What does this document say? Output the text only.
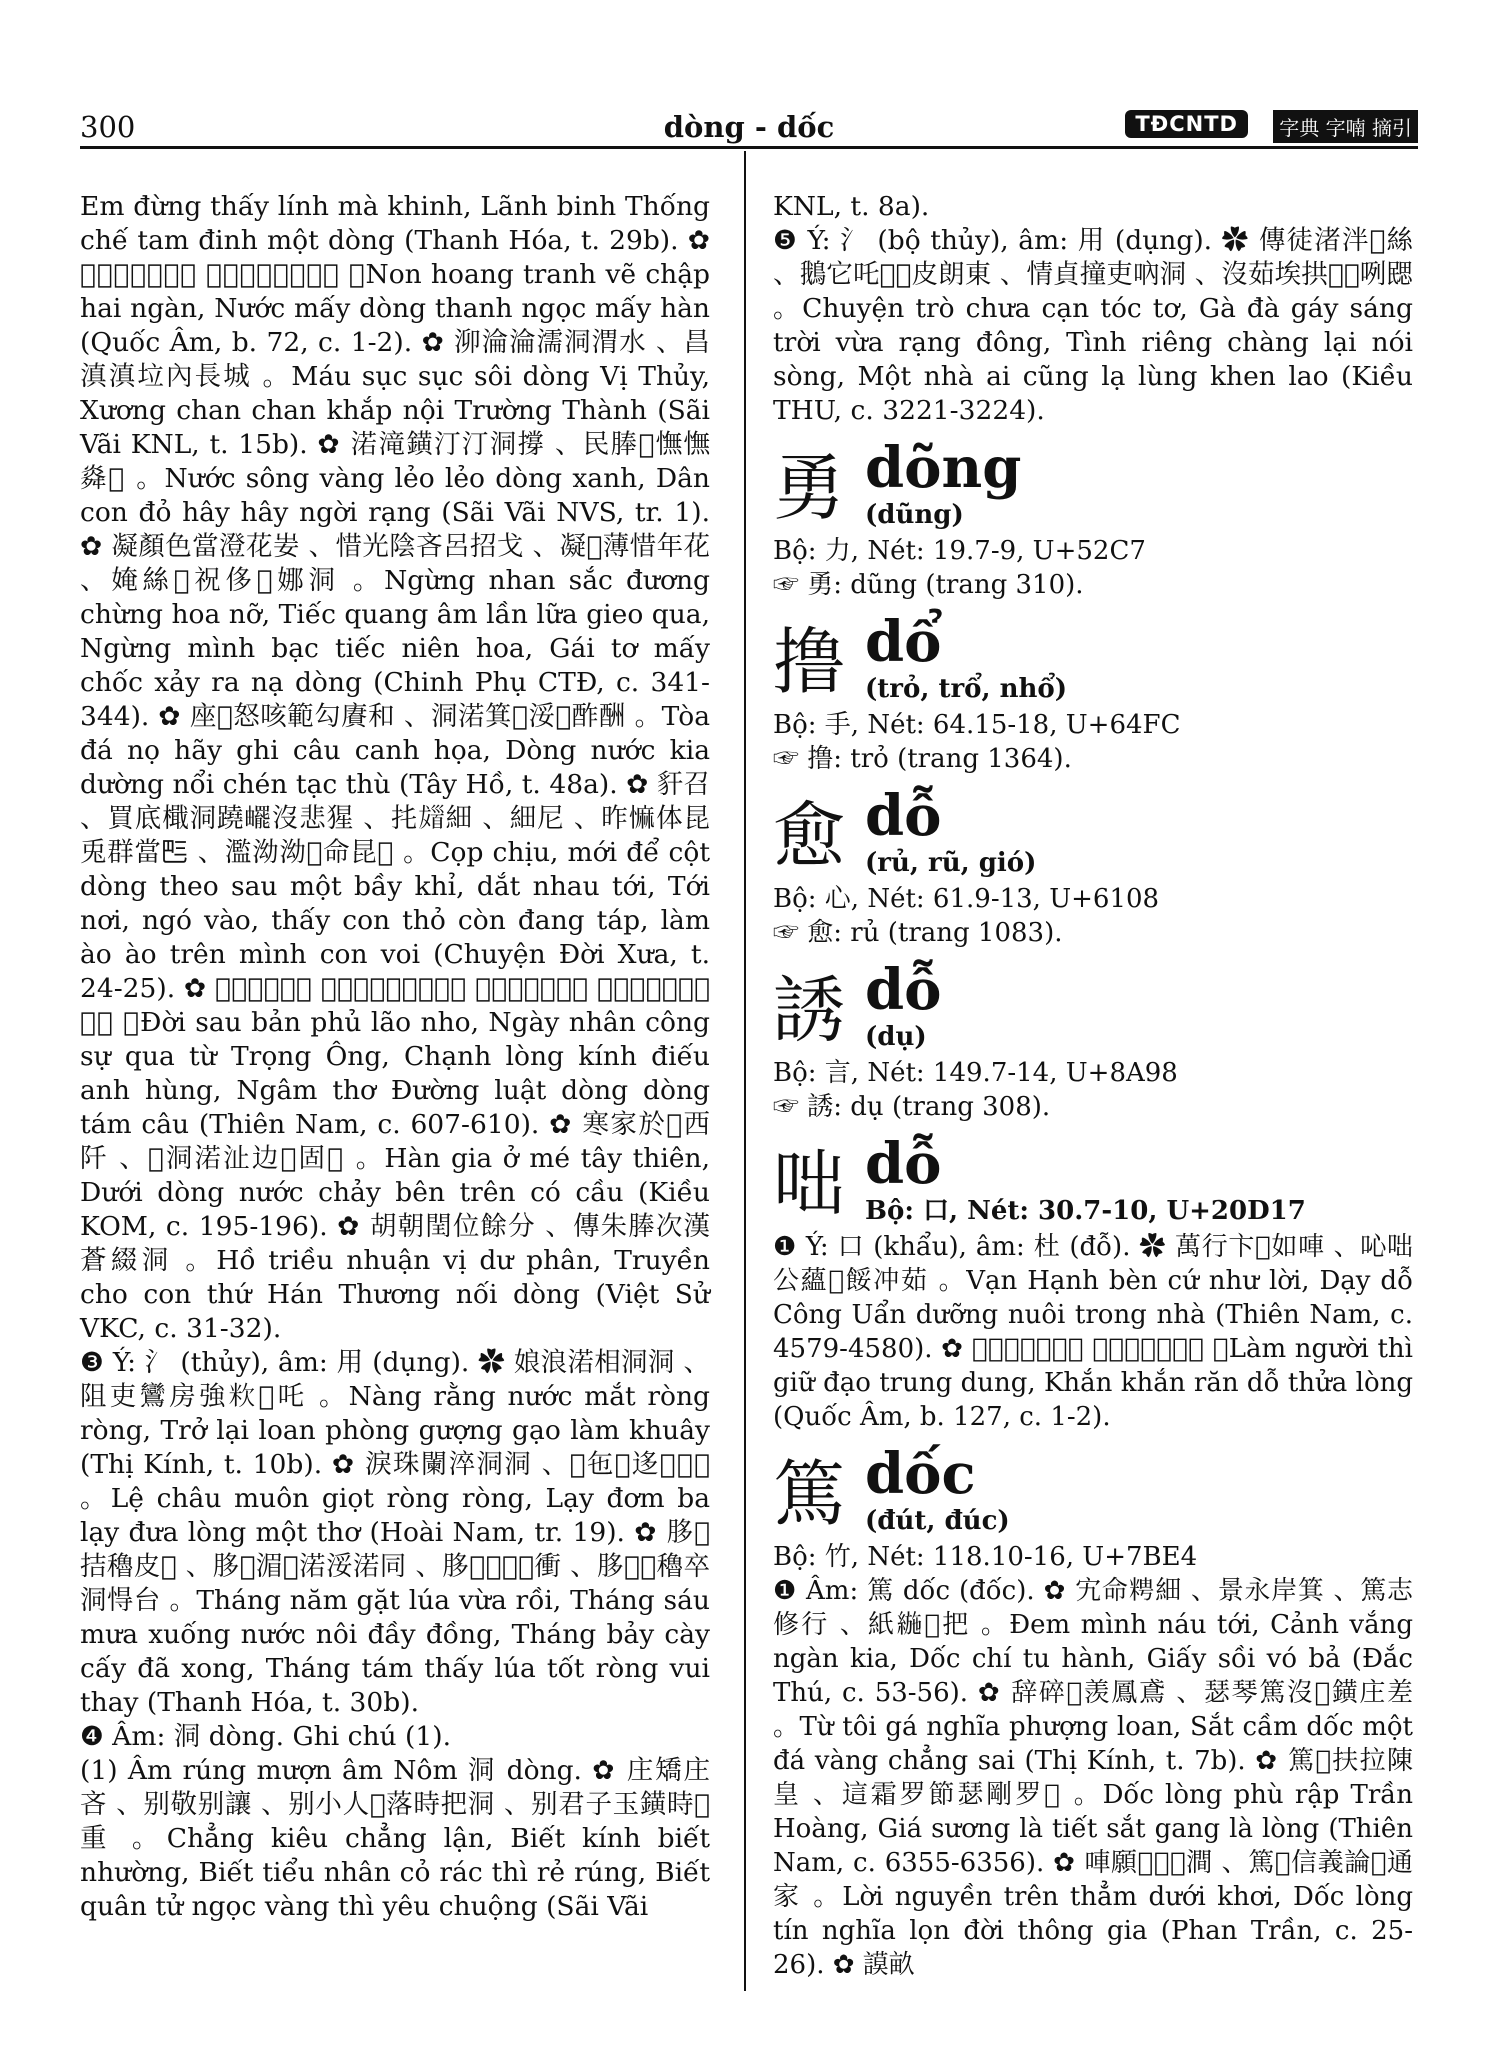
300	dòng - dốc	TĐCNTD	字典 字喃 摘引

Em đừng thấy lính mà khinh, Lãnh binh Thống chế tam đinh một dòng (Thanh Hóa, t. 29b). ✿ 𡎝荒幀尾蟄𡶀岸 、渃𡗉洞清玉𡗉寒 。Non hoang tranh vẽ chập hai ngàn, Nước mấy dòng thanh ngọc mấy hàn (Quốc Âm, b. 72, c. 1-2). ✿ 泖淪淪濡洞渭水 、昌滇滇垃內長城 。Máu sục sục sôi dòng Vị Thủy, Xương chan chan khắp nội Trường Thành (Sãi Vãi KNL, t. 15b). ✿ 渃滝鐄汀汀洞撐 、民䏾𧋆憮憮㷠𤈜 。Nước sông vàng lẻo lẻo dòng xanh, Dân con đỏ hây hây ngời rạng (Sãi Vãi NVS, tr. 1). ✿ 凝顏色當澄花妛 、惜光陰吝呂招戈 、凝𩢬薄惜年花 、㛪絲𡗉祝侈𠑬娜洞 。Ngừng nhan sắc đương chừng hoa nỡ, Tiếc quang âm lần lữa gieo qua, Ngừng mình bạc tiếc niên hoa, Gái tơ mấy chốc xảy ra nạ dòng (Chinh Phụ CTĐ, c. 341-344). ✿ 座𥒥怒咳範勾賡和 、洞渃箕𩵜浽𢭸酢酬 。Tòa đá nọ hãy ghi câu canh họa, Dòng nước kia dường nổi chén tạc thù (Tây Hồ, t. 48a). ✿ 豻召 、買底檝洞蹺𤳸沒悲猩 、扥𩠖細 、細尼 、昨𢠩体昆兎群當𠀧 、濫泑泑𨖅命昆𤠄 。Cọp chịu, mới để cột dòng theo sau một bầy khỉ, dắt nhau tới, Tới nơi, ngó vào, thấy con thỏ còn đang táp, làm ào ào trên mình con voi (Chuyện Đời Xưa, t. 24-25). ✿ 𦲿𢹣本府老儒 、㖡因公事戈祠仲翁 、鄭𢚸敬吊英雄 、吟𤵾唐律洞洞𣌞句 。Đời sau bản phủ lão nho, Ngày nhân công sự qua từ Trọng Ông, Chạnh lòng kính điếu anh hùng, Ngâm thơ Đường luật dòng dòng tám câu (Thiên Nam, c. 607-610). ✿ 寒家於𠓨西阡 、𥪝洞渃沚边𨖅固𣖟 。Hàn gia ở mé tây thiên, Dưới dòng nước chảy bên trên có cầu (Kiều KOM, c. 195-196). ✿ 胡朝閏位餘分 、傳朱䏾次漢蒼綴洞 。Hồ triều nhuận vị dư phân, Truyền cho con thứ Hán Thương nối dòng (Việt Sử VKC, c. 31-32).

❸ Ý: 氵 (thủy), âm: 用 (dụng). ✿ 娘浪渃相洞洞 、阻吏鸞房強𥸷𡖼吒 。Nàng rằng nước mắt ròng ròng, Trở lại loan phòng gượng gạo làm khuây (Thị Kính, t. 10b). ✿ 淚珠闌淬洞洞 、𢬣㐌𢬣迻𢚸𠁀𤵾 。Lệ châu muôn giọt ròng ròng, Lạy đơm ba lạy đưa lòng một thơ (Hoài Nam, tr. 19). ✿ 䏧𦁀拮穭皮𣠥 、䏧𠇮湄𥗃渃浽渃同 、䏧𢶢𦓿𣗓𡀮衝 、䏧𠦳𦹵穭卒洞㥂台 。Tháng năm gặt lúa vừa rồi, Tháng sáu mưa xuống nước nôi đầy đồng, Tháng bảy cày cấy đã xong, Tháng tám thấy lúa tốt ròng vui thay (Thanh Hóa, t. 30b).

❹ Âm: 洞 dòng. Ghi chú (1).

(1) Âm rúng mượn âm Nôm 洞 dòng. ✿ 庄矯庄吝 、别敬别讓 、别小人𨫊落時把洞 、别君子玉鐄時𢞅重 。Chẳng kiêu chẳng lận, Biết kính biết nhường, Biết tiểu nhân cỏ rác thì rẻ rúng, Biết quân tử ngọc vàng thì yêu chuộng (Sãi Vãi

KNL, t. 8a).

❺ Ý: 氵 (bộ thủy), âm: 用 (dụng). ✿ 傳徒渚泮𩯀絲 、鵝它吒𠛌𡗶皮朗東 、情貞撞吏吶洞 、沒茹埃拱𨖲𨔍咧㥸 。Chuyện trò chưa cạn tóc tơ, Gà đà gáy sáng trời vừa rạng đông, Tình riêng chàng lại nói sòng, Một nhà ai cũng lạ lùng khen lao (Kiều THU, c. 3221-3224).

勇 dõng
(dũng)

Bộ: 力, Nét: 19.7-9, U+52C7

☞ 勇: dũng (trang 310).

撸 dổ
(trỏ, trổ, nhổ)

Bộ: 手, Nét: 64.15-18, U+64FC

☞ 撸: trỏ (trang 1364).

愈 dỗ
(rủ, rũ, gió)

Bộ: 心, Nét: 61.9-13, U+6108

☞ 愈: rủ (trang 1083).

誘 dỗ
(dụ)

Bộ: 言, Nét: 149.7-14, U+8A98

☞ 誘: dụ (trang 308).

咄 dỗ
Bộ: 口, Nét: 30.7-10, U+20D17

❶ Ý: 口 (khẩu), âm: 杜 (đỗ). ✿ 萬行卞𢭮如唓 、吣咄公蘊𩛷餒冲茹 。Vạn Hạnh bèn cứ như lời, Dạy dỗ Công Uẩn dưỡng nuôi trong nhà (Thiên Nam, c. 4579-4580). ✿ 𡗉得𢪏渚道中庸 、𢘾𢘾𠼦咄所𢚸 。Làm người thì giữ đạo trung dung, Khắn khắn răn dỗ thửa lòng (Quốc Âm, b. 127, c. 1-2).

篤 dốc
(đút, đúc)

Bộ: 竹, Nét: 118.10-16, U+7BE4

❶ Âm: 篤 dốc (đốc). ✿ 宄命𥺒細 、景永岸箕 、篤志修行 、紙𦂛𢂎把 。Đem mình náu tới, Cảnh vắng ngàn kia, Dốc chí tu hành, Giấy sồi vó bả (Đắc Thú, c. 53-56). ✿ 辞碎𡛔羡鳳鳶 、瑟琴篤沒𥒥鐄庄差 。Từ tôi gá nghĩa phượng loan, Sắt cầm dốc một đá vàng chẳng sai (Thị Kính, t. 7b). ✿ 篤𢚸扶拉陳皇 、這霜罗節瑟剛罗𢚸 。Dốc lòng phù rập Trần Hoàng, Giá sương là tiết sắt gang là lòng (Thiên Nam, c. 6355-6356). ✿ 唓願𨕭𣼽𨑜澗 、篤𢚸信義論𦹵通家 。Lời nguyền trên thẳm dưới khơi, Dốc lòng tín nghĩa lọn đời thông gia (Phan Trần, c. 25-26). ✿ 謨畝
